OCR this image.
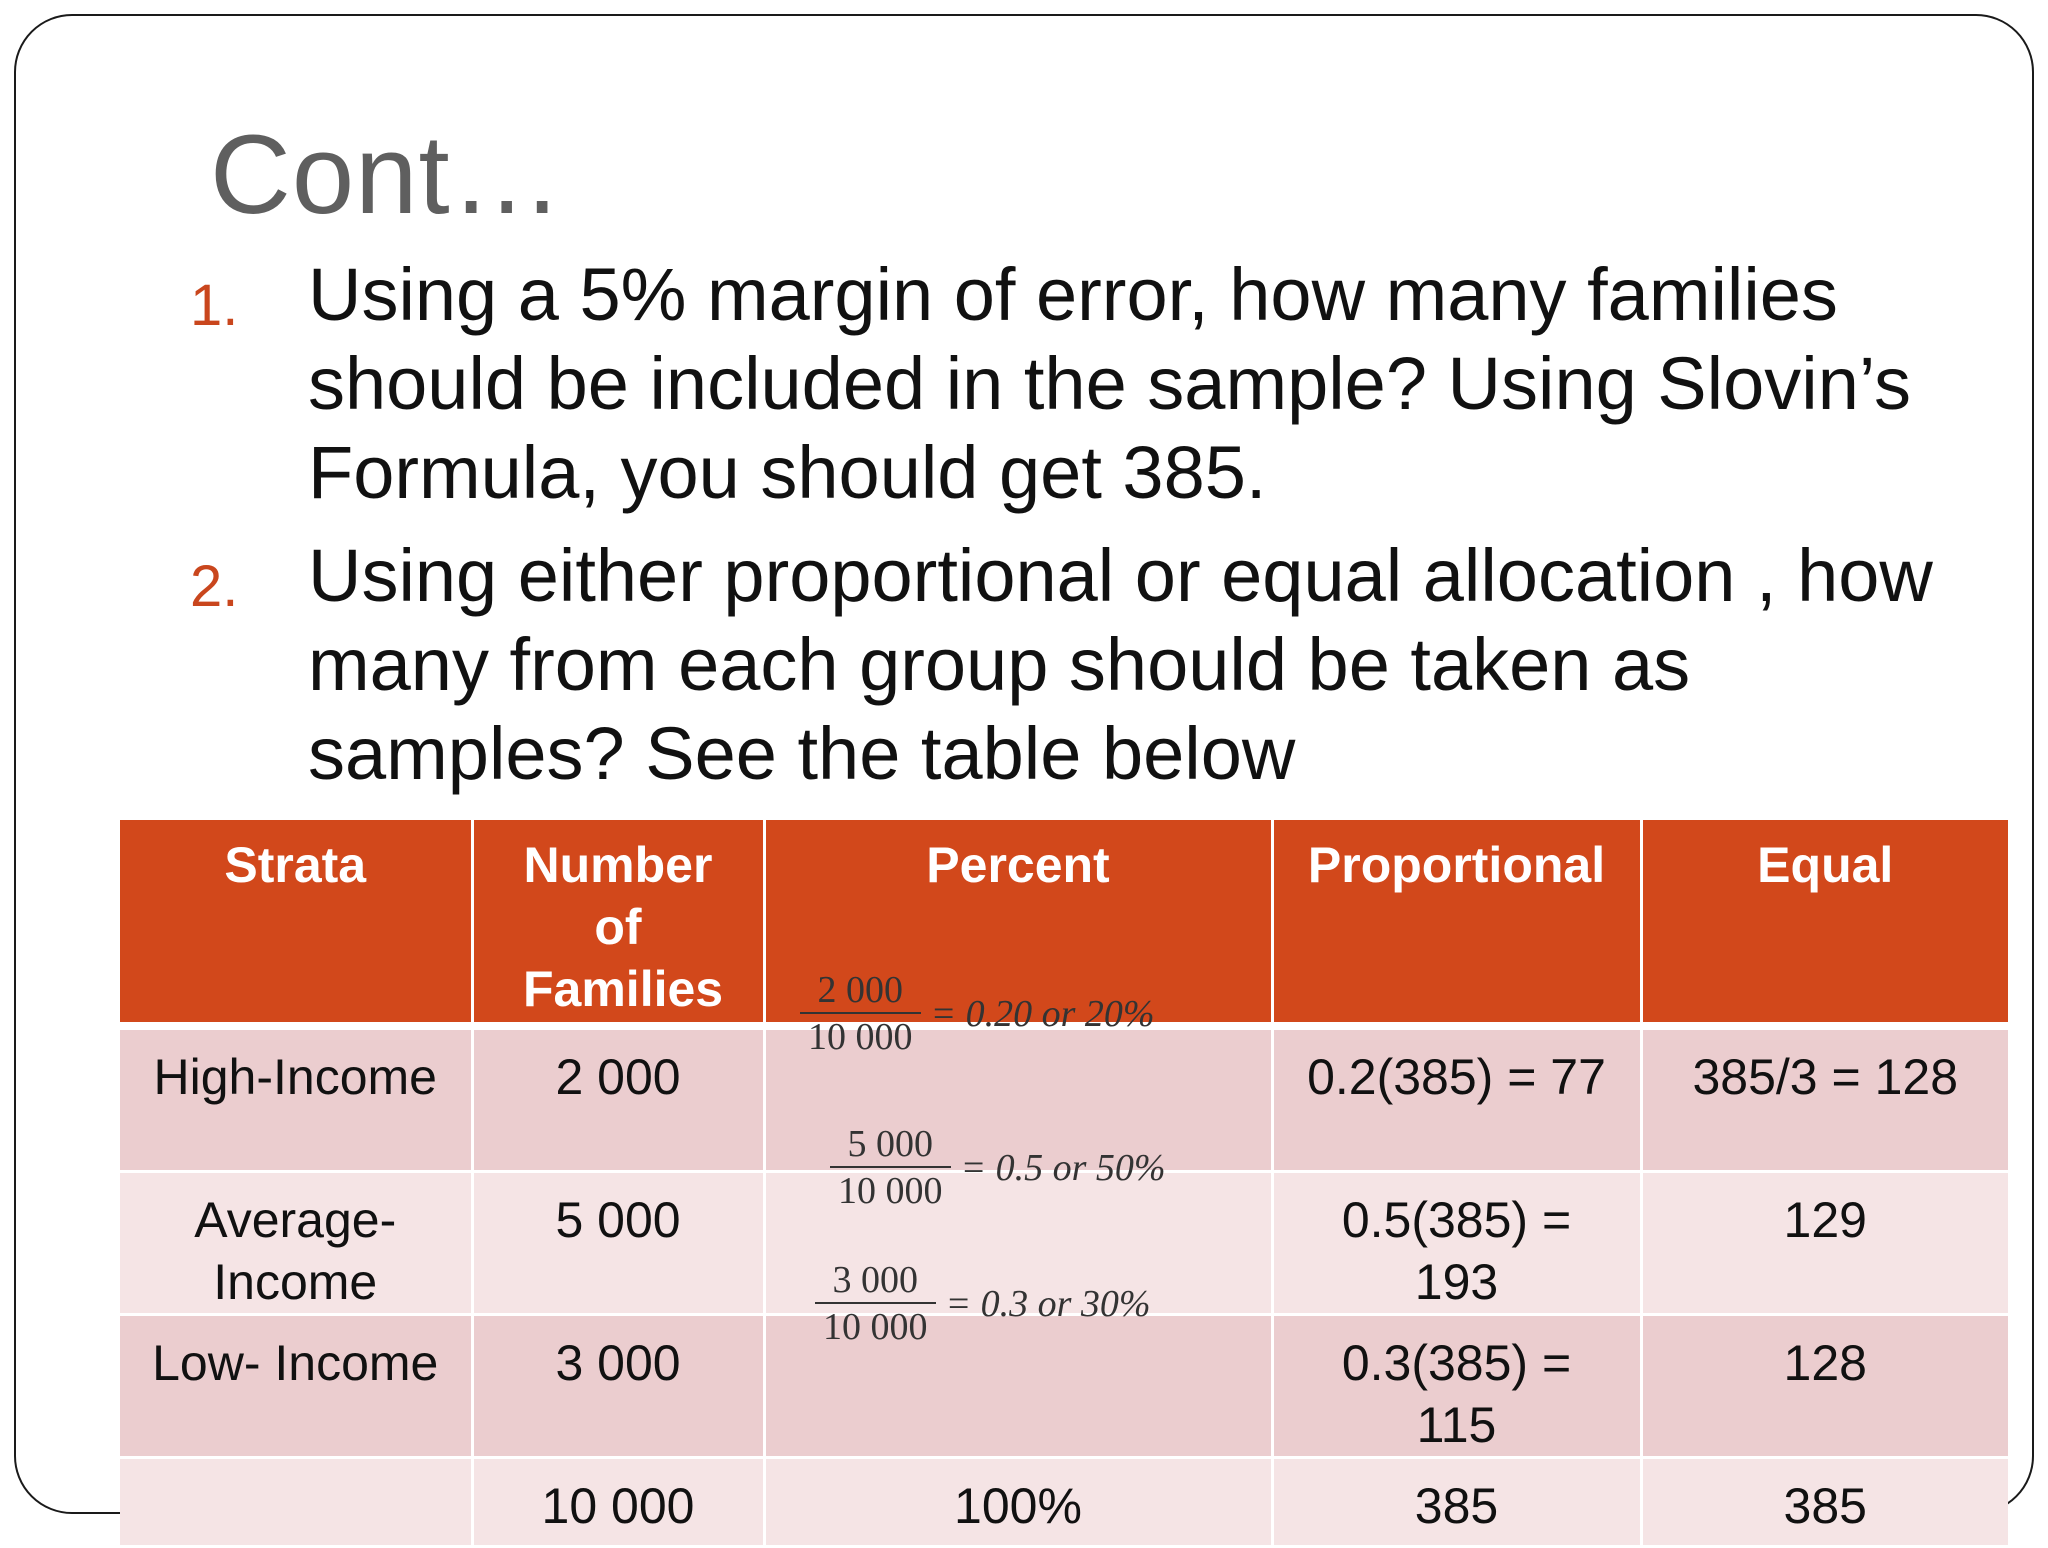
Cont…
1. Using a 5% margin of error, how many families should be included in the sample? Using Slovin’s Formula, you should get 385.
2. Using either proportional or equal allocation , how many from each group should be taken as samples? See the table below
Strata	Number of Families	Percent	Proportional	Equal
High-Income	2 000		0.2(385) = 77	385/3 = 128

Average-Income	5 000		0.5(385) = 193	129
Low- Income	3 000		0.3(385) = 115	128
	10 000	100%	385	385
$\frac{2 000}{10 000} = 0.20$ or 20%
$\frac{5 000}{10 000} = 0.5$ or 50%
$\frac{3 000}{10 000} = 0.3$ or 30%
